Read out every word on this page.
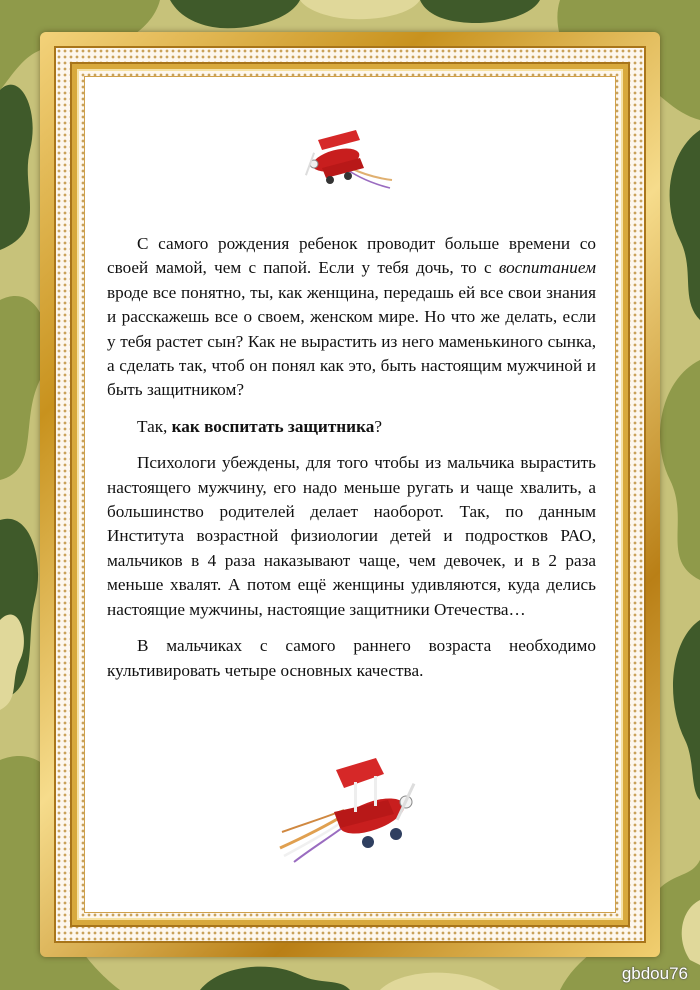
С самого рождения ребенок проводит больше времени со своей мамой, чем с папой. Если у тебя дочь, то с воспитанием вроде все понятно, ты, как женщина, передашь ей все свои знания и расскажешь все о своем, женском мире. Но что же делать, если у тебя растет сын? Как не вырастить из него маменькиного сынка, а сделать так, чтоб он понял как это, быть настоящим мужчиной и быть защитником?

Так, как воспитать защитника?

Психологи убеждены, для того чтобы из мальчика вырастить настоящего мужчину, его надо меньше ругать и чаще хвалить, а большинство родителей делает наоборот. Так, по данным Института возрастной физиологии детей и подростков РАО, мальчиков в 4 раза наказывают чаще, чем девочек, и в 2 раза меньше хвалят. А потом ещё женщины удивляются, куда делись настоящие мужчины, настоящие защитники Отечества…

В мальчиках с самого раннего возраста необходимо культивировать четыре основных качества.

gbdou76
